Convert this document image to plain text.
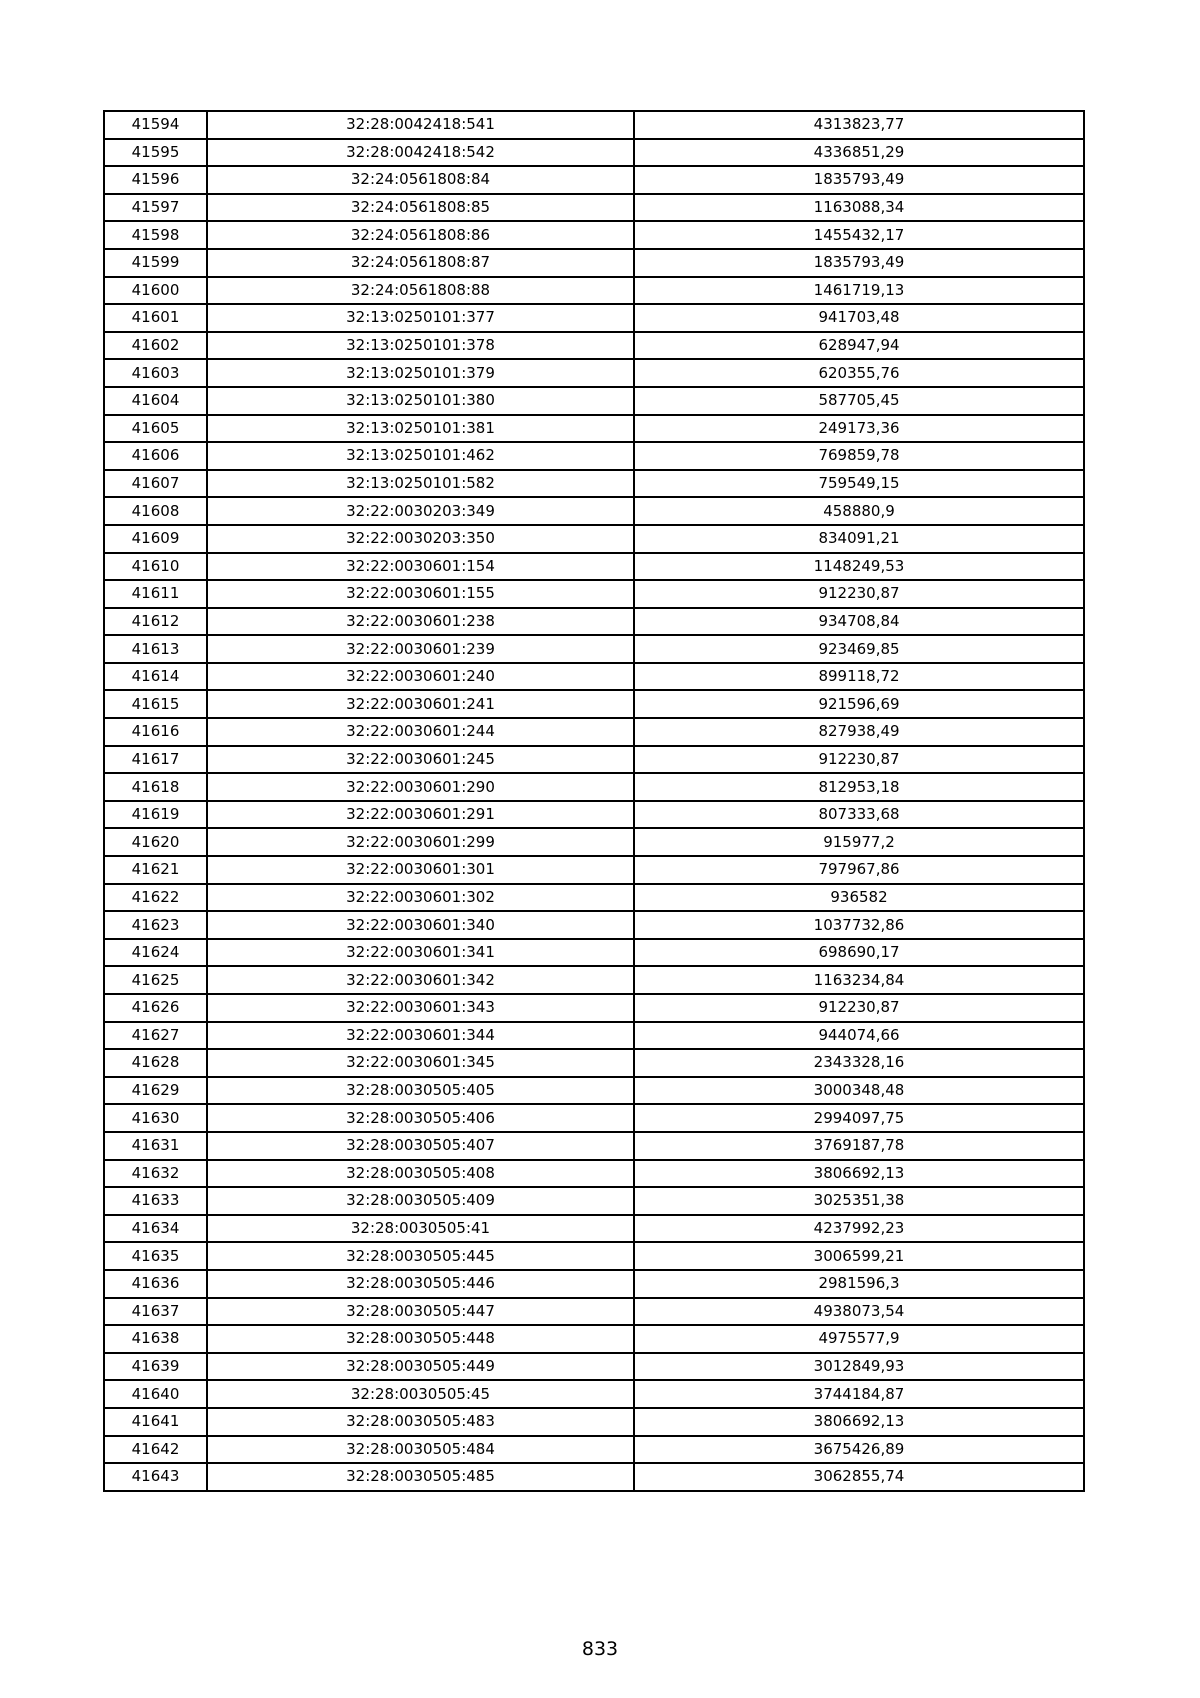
41594	32:28:0042418:541	4313823,77
41595	32:28:0042418:542	4336851,29
41596	32:24:0561808:84	1835793,49
41597	32:24:0561808:85	1163088,34
41598	32:24:0561808:86	1455432,17
41599	32:24:0561808:87	1835793,49
41600	32:24:0561808:88	1461719,13
41601	32:13:0250101:377	941703,48
41602	32:13:0250101:378	628947,94
41603	32:13:0250101:379	620355,76
41604	32:13:0250101:380	587705,45
41605	32:13:0250101:381	249173,36
41606	32:13:0250101:462	769859,78
41607	32:13:0250101:582	759549,15
41608	32:22:0030203:349	458880,9
41609	32:22:0030203:350	834091,21
41610	32:22:0030601:154	1148249,53
41611	32:22:0030601:155	912230,87
41612	32:22:0030601:238	934708,84
41613	32:22:0030601:239	923469,85
41614	32:22:0030601:240	899118,72
41615	32:22:0030601:241	921596,69
41616	32:22:0030601:244	827938,49
41617	32:22:0030601:245	912230,87
41618	32:22:0030601:290	812953,18
41619	32:22:0030601:291	807333,68
41620	32:22:0030601:299	915977,2
41621	32:22:0030601:301	797967,86
41622	32:22:0030601:302	936582
41623	32:22:0030601:340	1037732,86
41624	32:22:0030601:341	698690,17
41625	32:22:0030601:342	1163234,84
41626	32:22:0030601:343	912230,87
41627	32:22:0030601:344	944074,66
41628	32:22:0030601:345	2343328,16
41629	32:28:0030505:405	3000348,48
41630	32:28:0030505:406	2994097,75
41631	32:28:0030505:407	3769187,78
41632	32:28:0030505:408	3806692,13
41633	32:28:0030505:409	3025351,38
41634	32:28:0030505:41	4237992,23
41635	32:28:0030505:445	3006599,21
41636	32:28:0030505:446	2981596,3
41637	32:28:0030505:447	4938073,54
41638	32:28:0030505:448	4975577,9
41639	32:28:0030505:449	3012849,93
41640	32:28:0030505:45	3744184,87
41641	32:28:0030505:483	3806692,13
41642	32:28:0030505:484	3675426,89
41643	32:28:0030505:485	3062855,74
833
